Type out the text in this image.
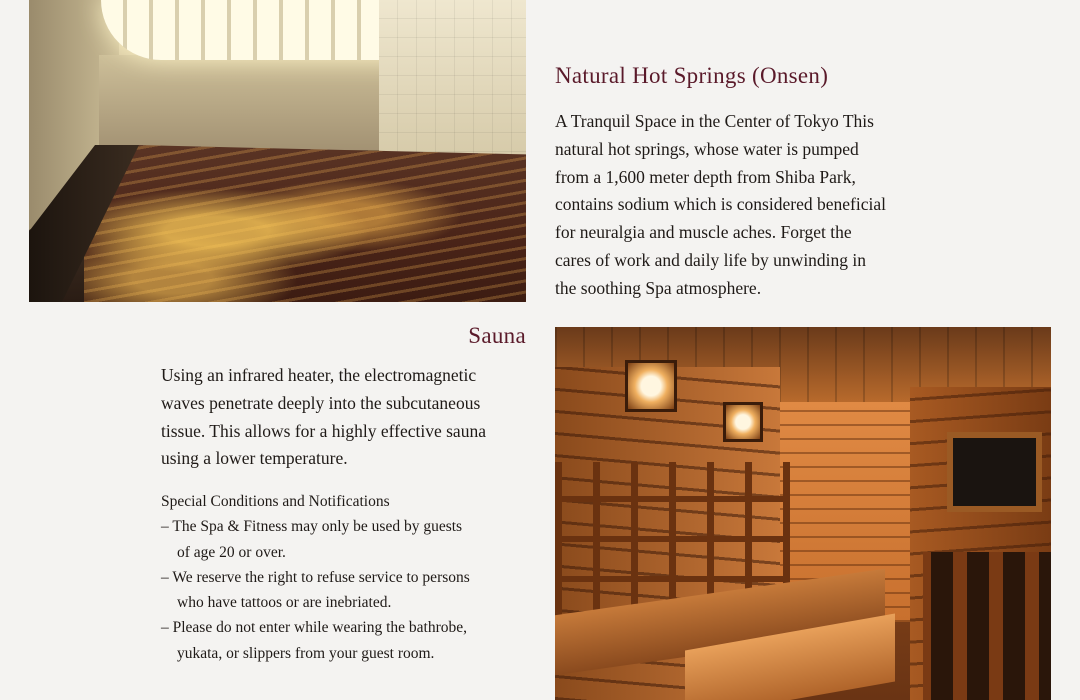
Natural Hot Springs (Onsen)

A Tranquil Space in the Center of Tokyo This
natural hot springs, whose water is pumped
from a 1,600 meter depth from Shiba Park,
contains sodium which is considered beneficial
for neuralgia and muscle aches. Forget the
cares of work and daily life by unwinding in
the soothing Spa atmosphere.

Sauna

Using an infrared heater, the electromagnetic
waves penetrate deeply into the subcutaneous
tissue. This allows for a highly effective sauna
using a lower temperature.

Special Conditions and Notifications
– The Spa & Fitness may only be used by guests
of age 20 or over.
– We reserve the right to refuse service to persons
who have tattoos or are inebriated.
– Please do not enter while wearing the bathrobe,
yukata, or slippers from your guest room.
